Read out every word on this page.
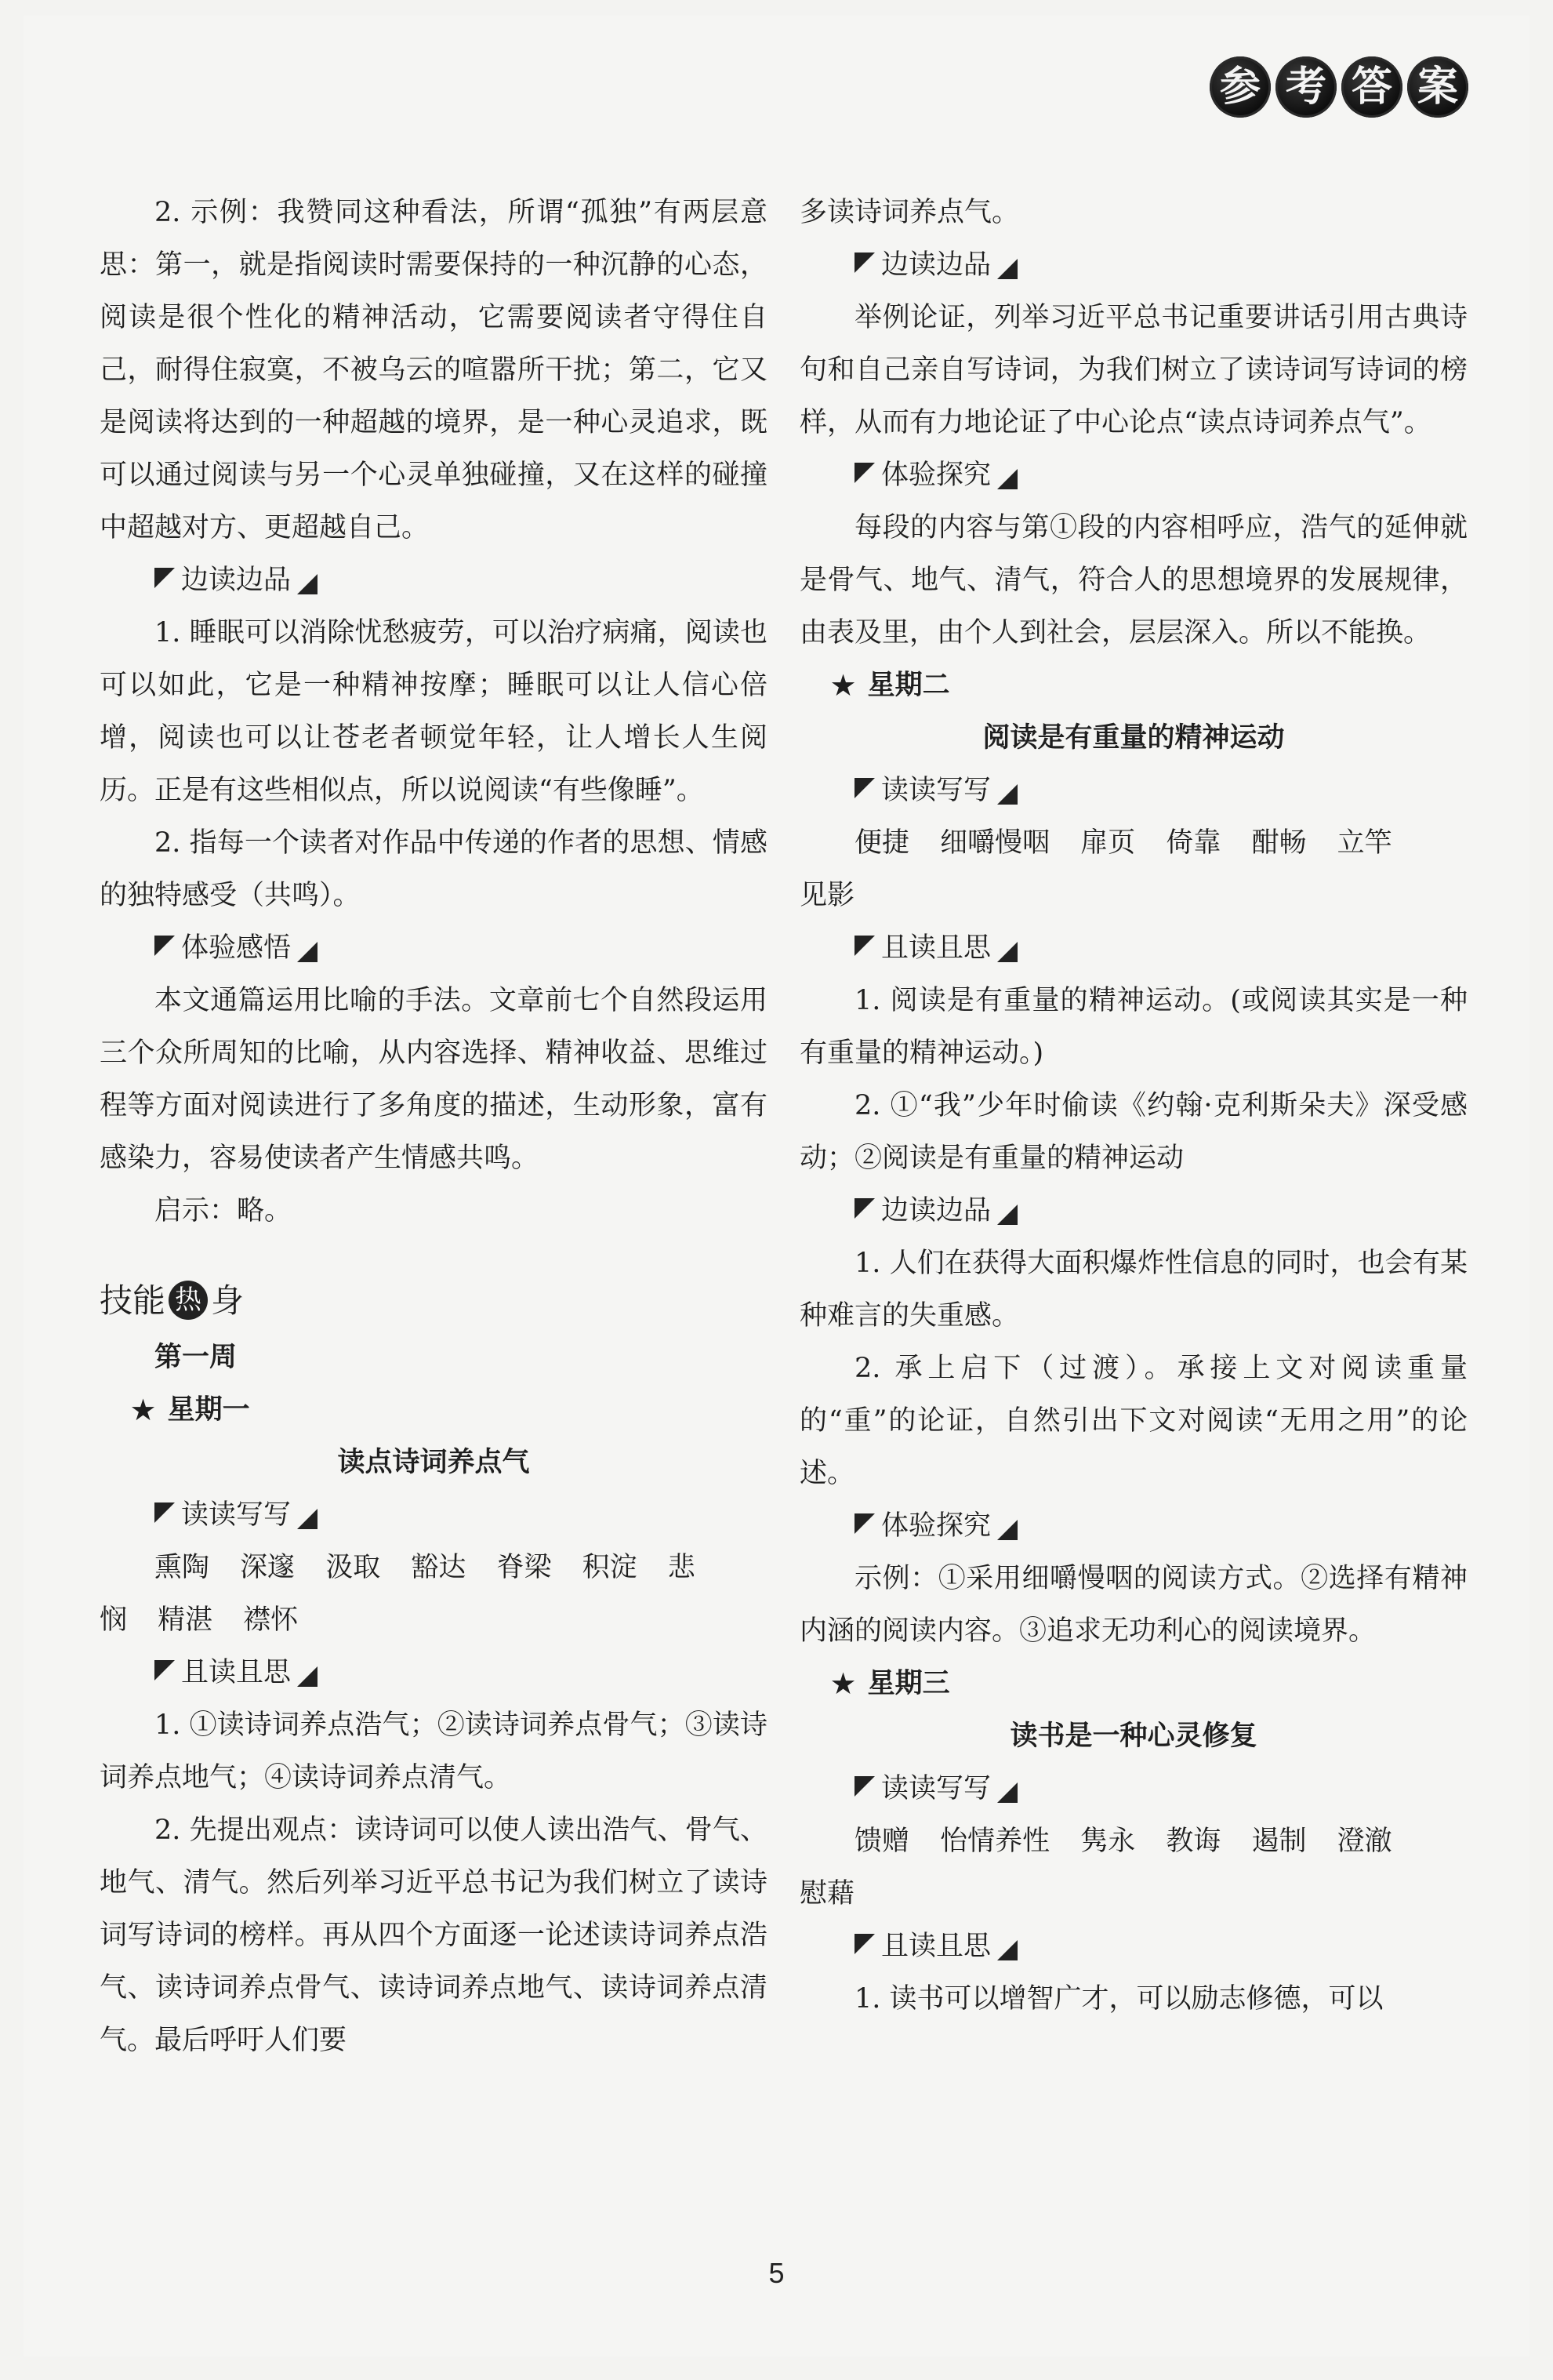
参 考 答 案

2. 示例：我赞同这种看法，所谓“孤独”有两层意思：第一，就是指阅读时需要保持的一种沉静的心态，阅读是很个性化的精神活动，它需要阅读者守得住自己，耐得住寂寞，不被乌云的喧嚣所干扰；第二，它又是阅读将达到的一种超越的境界，是一种心灵追求，既可以通过阅读与另一个心灵单独碰撞，又在这样的碰撞中超越对方、更超越自己。

边读边品

1. 睡眠可以消除忧愁疲劳，可以治疗病痛，阅读也可以如此，它是一种精神按摩；睡眠可以让人信心倍增，阅读也可以让苍老者顿觉年轻，让人增长人生阅历。正是有这些相似点，所以说阅读“有些像睡”。

2. 指每一个读者对作品中传递的作者的思想、情感的独特感受（共鸣）。

体验感悟

本文通篇运用比喻的手法。文章前七个自然段运用三个众所周知的比喻，从内容选择、精神收益、思维过程等方面对阅读进行了多角度的描述，生动形象，富有感染力，容易使读者产生情感共鸣。

启示：略。

技能 热 身

第一周

★ 星期一

读点诗词养点气

读读写写

熏陶 深邃 汲取 豁达 脊梁 积淀 悲

悯 精湛 襟怀

且读且思

1. ①读诗词养点浩气；②读诗词养点骨气；③读诗词养点地气；④读诗词养点清气。

2. 先提出观点：读诗词可以使人读出浩气、骨气、地气、清气。然后列举习近平总书记为我们树立了读诗词写诗词的榜样。再从四个方面逐一论述读诗词养点浩气、读诗词养点骨气、读诗词养点地气、读诗词养点清气。最后呼吁人们要

多读诗词养点气。

边读边品

举例论证，列举习近平总书记重要讲话引用古典诗句和自己亲自写诗词，为我们树立了读诗词写诗词的榜样，从而有力地论证了中心论点“读点诗词养点气”。

体验探究

每段的内容与第①段的内容相呼应，浩气的延伸就是骨气、地气、清气，符合人的思想境界的发展规律，由表及里，由个人到社会，层层深入。所以不能换。

★ 星期二

阅读是有重量的精神运动

读读写写

便捷 细嚼慢咽 扉页 倚靠 酣畅 立竿

见影

且读且思

1. 阅读是有重量的精神运动。(或阅读其实是一种有重量的精神运动。)

2. ①“我”少年时偷读《约翰·克利斯朵夫》深受感动；②阅读是有重量的精神运动

边读边品

1. 人们在获得大面积爆炸性信息的同时，也会有某种难言的失重感。

2. 承上启下（过渡）。承接上文对阅读重量的“重”的论证，自然引出下文对阅读“无用之用”的论述。

体验探究

示例：①采用细嚼慢咽的阅读方式。②选择有精神内涵的阅读内容。③追求无功利心的阅读境界。

★ 星期三

读书是一种心灵修复

读读写写

馈赠 怡情养性 隽永 教诲 遏制 澄澈

慰藉

且读且思

1. 读书可以增智广才，可以励志修德，可以

5
